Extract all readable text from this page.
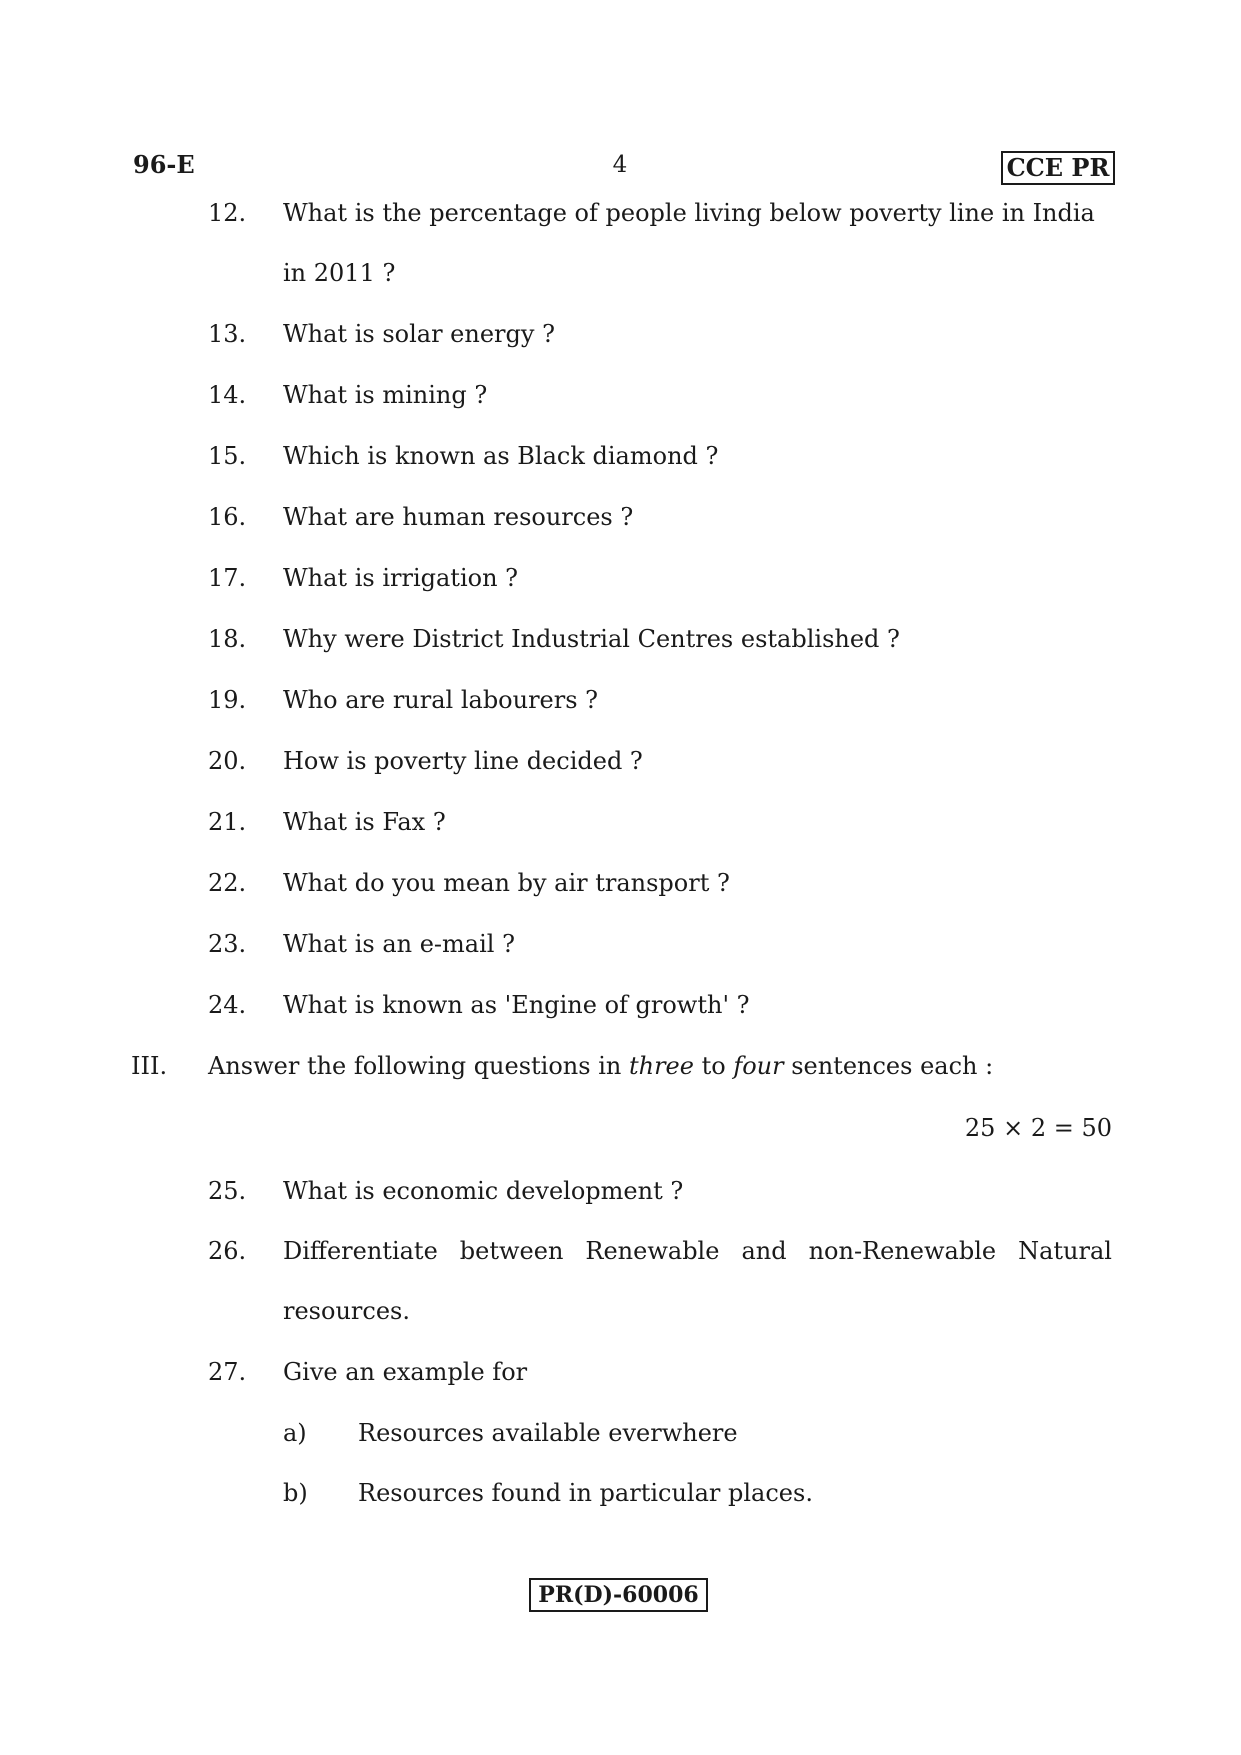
96-E	4	CCE PR
12.	What is the percentage of people living below poverty line in India
in 2011 ?
13.	What is solar energy ?
14.	What is mining ?
15.	Which is known as Black diamond ?
16.	What are human resources ?
17.	What is irrigation ?
18.	Why were District Industrial Centres established ?
19.	Who are rural labourers ?
20.	How is poverty line decided ?
21.	What is Fax ?
22.	What do you mean by air transport ?
23.	What is an e-mail ?
24.	What is known as 'Engine of growth' ?
III. Answer the following questions in three to four sentences each :
25 × 2 = 50
25.	What is economic development ?
26.	Differentiate between Renewable and non-Renewable Natural
resources.
27.	Give an example for
a)	Resources available everwhere
b)	Resources found in particular places.
PR(D)-60006
